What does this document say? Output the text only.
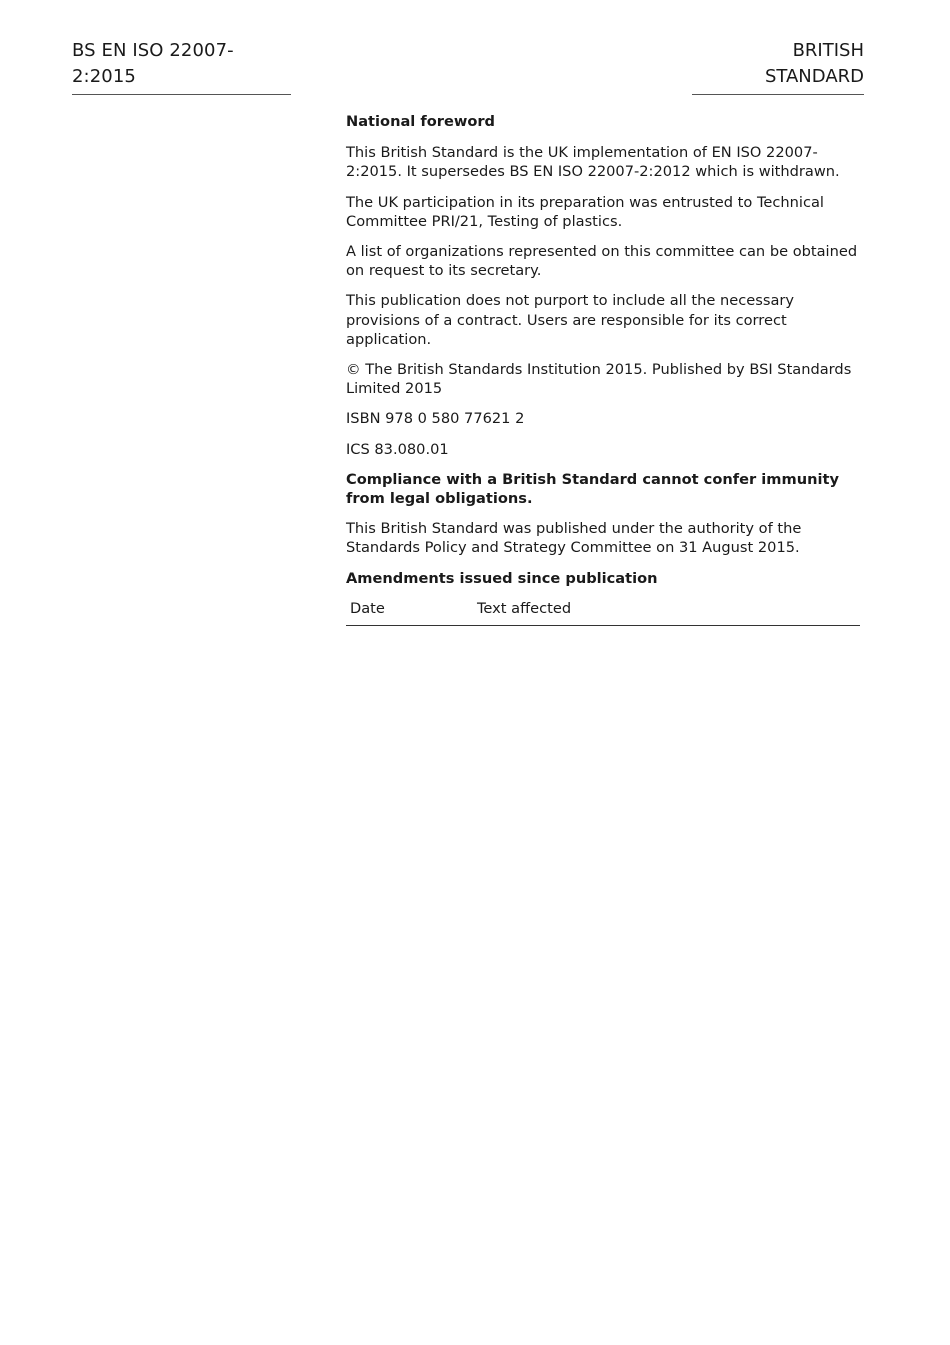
BS EN ISO 22007-2:2015
BRITISH STANDARD

National foreword

This British Standard is the UK implementation of EN ISO 22007-2:2015. It supersedes BS EN ISO 22007-2:2012 which is withdrawn.

The UK participation in its preparation was entrusted to Technical Committee PRI/21, Testing of plastics.

A list of organizations represented on this committee can be obtained on request to its secretary.

This publication does not purport to include all the necessary provisions of a contract. Users are responsible for its correct application.

© The British Standards Institution 2015. Published by BSI Standards Limited 2015

ISBN 978 0 580 77621 2

ICS 83.080.01

Compliance with a British Standard cannot confer immunity from legal obligations.

This British Standard was published under the authority of the Standards Policy and Strategy Committee on 31 August 2015.

Amendments issued since publication

Date	Text affected
